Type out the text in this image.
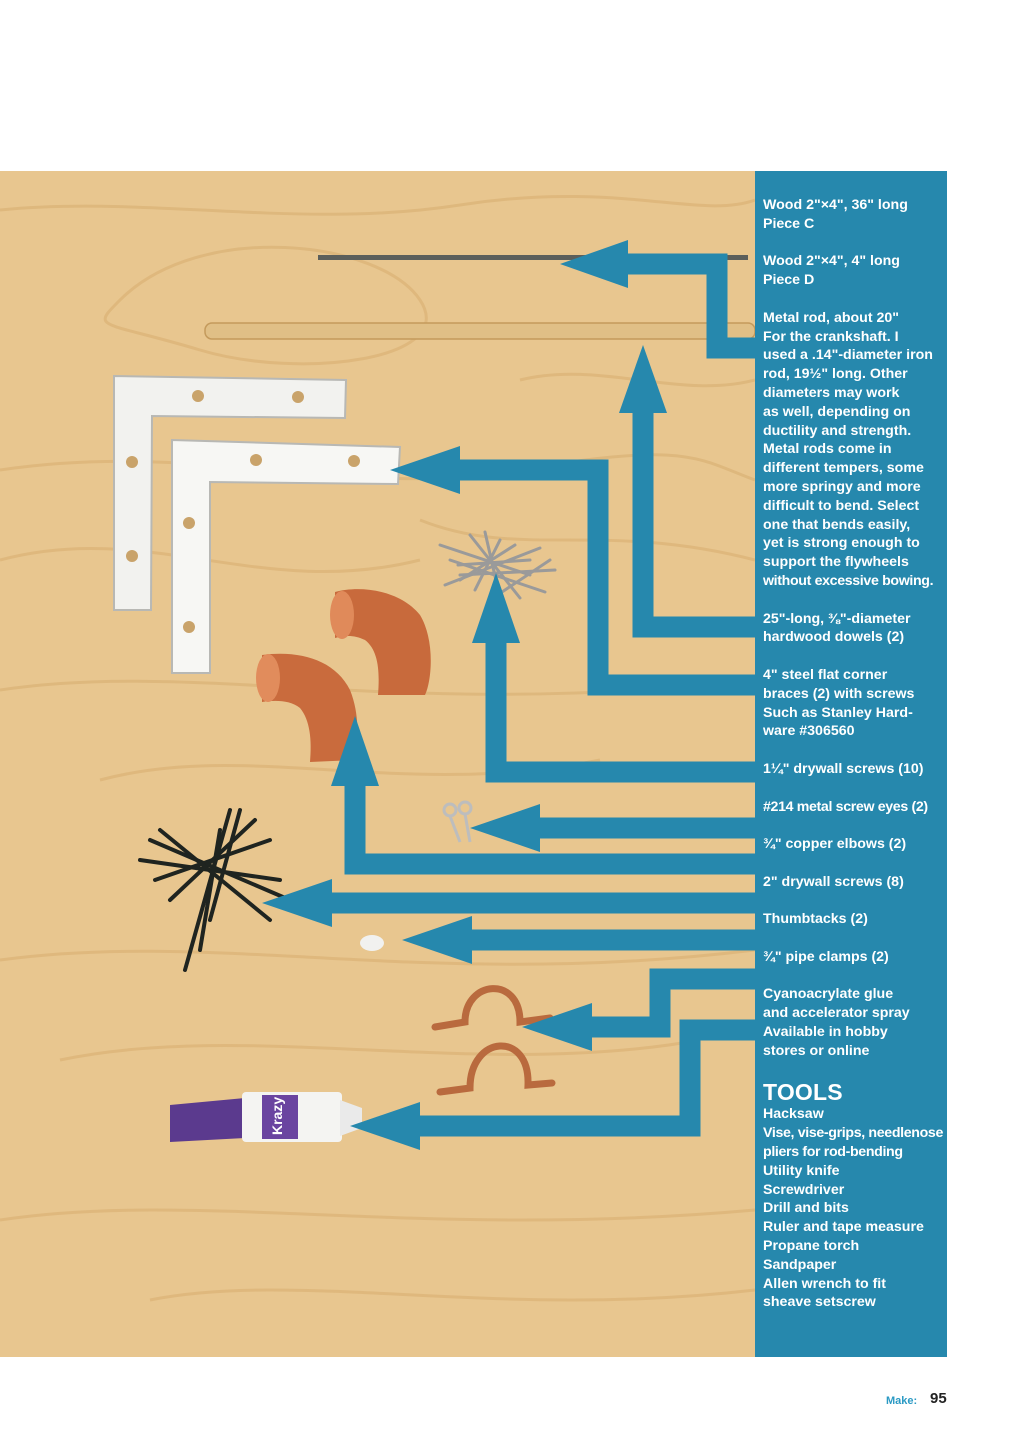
Krazy
Wood 2"×4", 36" long
Piece C
Wood 2"×4", 4" long
Piece D
Metal rod, about 20"
For the crankshaft. I
used a .14"-diameter iron
rod, 19½" long. Other
diameters may work
as well, depending on
ductility and strength.
Metal rods come in
different tempers, some
more springy and more
difficult to bend. Select
one that bends easily,
yet is strong enough to
support the flywheels
without excessive bowing.
25"-long, ⅜"-diameter
hardwood dowels (2)
4" steel flat corner
braces (2) with screws
Such as Stanley Hard-
ware #306560
1¼" drywall screws (10)
#214 metal screw eyes (2)
¾" copper elbows (2)
2" drywall screws (8)
Thumbtacks (2)
¾" pipe clamps (2)
Cyanoacrylate glue
and accelerator spray
Available in hobby
stores or online
TOOLS
Hacksaw
Vise, vise-grips, needlenose
pliers for rod-bending
Utility knife
Screwdriver
Drill and bits
Ruler and tape measure
Propane torch
Sandpaper
Allen wrench to fit
sheave setscrew
Make: 95
